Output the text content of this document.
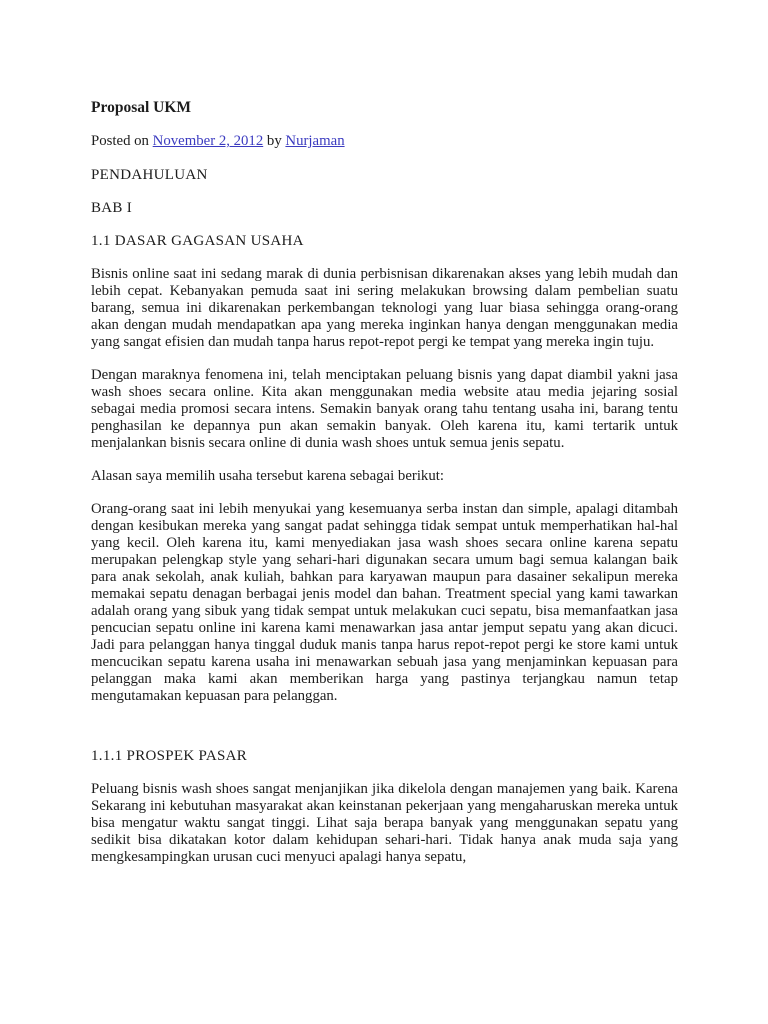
Proposal UKM

Posted on November 2, 2012 by Nurjaman

PENDAHULUAN
BAB I
1.1 DASAR GAGASAN USAHA

Bisnis online saat ini sedang marak di dunia perbisnisan dikarenakan akses yang lebih mudah dan lebih cepat. Kebanyakan pemuda saat ini sering melakukan browsing dalam pembelian suatu barang, semua ini dikarenakan perkembangan teknologi yang luar biasa sehingga orang-orang akan dengan mudah mendapatkan apa yang mereka inginkan hanya dengan menggunakan media yang sangat efisien dan mudah tanpa harus repot-repot pergi ke tempat yang mereka ingin tuju.

Dengan maraknya fenomena ini, telah menciptakan peluang bisnis yang dapat diambil yakni jasa wash shoes secara online. Kita akan menggunakan media website atau media jejaring sosial sebagai media promosi secara intens. Semakin banyak orang tahu tentang usaha ini, barang tentu penghasilan ke depannya pun akan semakin banyak. Oleh karena itu, kami tertarik untuk menjalankan bisnis secara online di dunia wash shoes untuk semua jenis sepatu.

Alasan saya memilih usaha tersebut karena sebagai berikut:

Orang-orang saat ini lebih menyukai yang kesemuanya serba instan dan simple, apalagi ditambah dengan kesibukan mereka yang sangat padat sehingga tidak sempat untuk memperhatikan hal-hal yang kecil. Oleh karena itu, kami menyediakan jasa wash shoes secara online karena sepatu merupakan pelengkap style yang sehari-hari digunakan secara umum bagi semua kalangan baik para anak sekolah, anak kuliah, bahkan para karyawan maupun para dasainer sekalipun mereka memakai sepatu denagan berbagai jenis model dan bahan. Treatment special yang kami tawarkan adalah orang yang sibuk yang tidak sempat untuk melakukan cuci sepatu, bisa memanfaatkan jasa pencucian sepatu online ini karena kami menawarkan jasa antar jemput sepatu yang akan dicuci. Jadi para pelanggan hanya tinggal duduk manis tanpa harus repot-repot pergi ke store kami untuk mencucikan sepatu karena usaha ini menawarkan sebuah jasa yang menjaminkan kepuasan para pelanggan maka kami akan memberikan harga yang pastinya terjangkau namun tetap mengutamakan kepuasan para pelanggan.

1.1.1 PROSPEK PASAR

Peluang bisnis wash shoes sangat menjanjikan jika dikelola dengan manajemen yang baik. Karena Sekarang ini kebutuhan masyarakat akan keinstanan pekerjaan yang mengaharuskan mereka untuk bisa mengatur waktu sangat tinggi. Lihat saja berapa banyak yang menggunakan sepatu yang sedikit bisa dikatakan kotor dalam kehidupan sehari-hari. Tidak hanya anak muda saja yang mengkesampingkan urusan cuci menyuci apalagi hanya sepatu,
